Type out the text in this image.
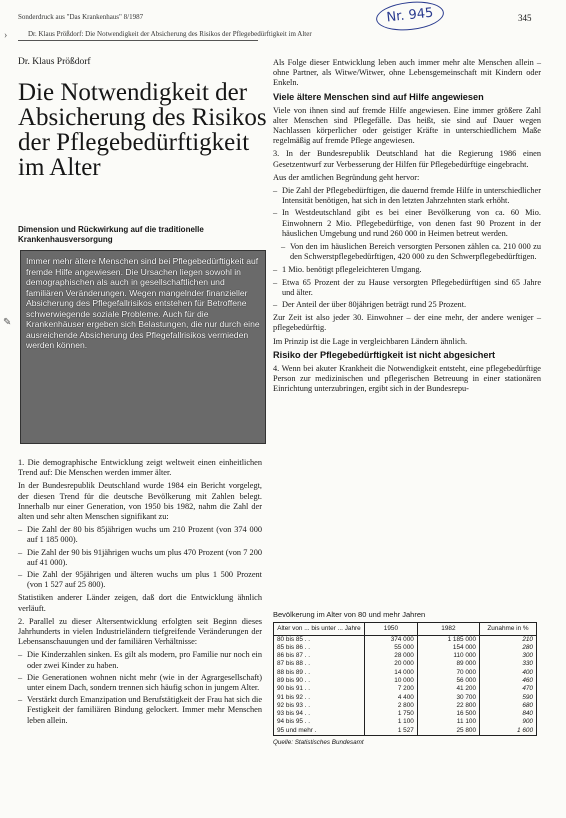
Sonderdruck aus "Das Krankenhaus" 8/1987
Dr. Klaus Prößdorf: Die Notwendigkeit der Absicherung des Risikos der Pflegebedürftigkeit im Alter
345
Nr. 945
›
✎
Dr. Klaus Prößdorf
Die Notwendigkeit der Absicherung des Risikos der Pflegebedürftigkeit im Alter
Dimension und Rückwirkung auf die traditionelle Krankenhausversorgung
Immer mehr ältere Menschen sind bei Pflegebedürftigkeit auf fremde Hilfe angewiesen. Die Ursachen liegen sowohl in demographischen als auch in gesellschaftlichen und familiären Veränderungen. Wegen mangelnder finanzieller Absicherung des Pflegefallrisikos entstehen für Betroffene schwerwiegende soziale Probleme. Auch für die Krankenhäuser ergeben sich Belastungen, die nur durch eine ausreichende Absicherung des Pflegefallrisikos vermieden werden können.

1. Die demographische Entwicklung zeigt weltweit einen einheitlichen Trend auf: Die Menschen werden immer älter.

In der Bundesrepublik Deutschland wurde 1984 ein Bericht vorgelegt, der diesen Trend für die deutsche Bevölkerung mit Zahlen belegt. Innerhalb nur einer Generation, von 1950 bis 1982, nahm die Zahl der alten und sehr alten Menschen signifikant zu:

– Die Zahl der 80 bis 85jährigen wuchs um 210 Prozent (von 374 000 auf 1 185 000).
– Die Zahl der 90 bis 91jährigen wuchs um plus 470 Prozent (von 7 200 auf 41 000).
– Die Zahl der 95jährigen und älteren wuchs um plus 1 500 Prozent (von 1 527 auf 25 800).

Statistiken anderer Länder zeigen, daß dort die Entwicklung ähnlich verläuft.

2. Parallel zu dieser Altersentwicklung erfolgten seit Beginn dieses Jahrhunderts in vielen Industrieländern tiefgreifende Veränderungen der Lebensanschauungen und der familiären Verhältnisse:

– Die Kinderzahlen sinken. Es gilt als modern, pro Familie nur noch ein oder zwei Kinder zu haben.
– Die Generationen wohnen nicht mehr (wie in der Agrargesellschaft) unter einem Dach, sondern trennen sich häufig schon in jungem Alter.
– Verstärkt durch Emanzipation und Berufstätigkeit der Frau hat sich die Festigkeit der familiären Bindung gelockert. Immer mehr Menschen leben allein.

Als Folge dieser Entwicklung leben auch immer mehr alte Menschen allein – ohne Partner, als Witwe/Witwer, ohne Lebensgemeinschaft mit Kindern oder Enkeln.

Viele ältere Menschen sind auf Hilfe angewiesen

Viele von ihnen sind auf fremde Hilfe angewiesen. Eine immer größere Zahl alter Menschen sind Pflegefälle. Das heißt, sie sind auf Dauer wegen Nachlassen körperlicher oder geistiger Kräfte in unterschiedlichem Maße regelmäßig auf fremde Pflege angewiesen.

3. In der Bundesrepublik Deutschland hat die Regierung 1986 einen Gesetzentwurf zur Verbesserung der Hilfen für Pflegebedürftige eingebracht.

Aus der amtlichen Begründung geht hervor:

– Die Zahl der Pflegebedürftigen, die dauernd fremde Hilfe in unterschiedlicher Intensität benötigen, hat sich in den letzten Jahrzehnten stark erhöht.
– In Westdeutschland gibt es bei einer Bevölkerung von ca. 60 Mio. Einwohnern 2 Mio. Pflegebedürftige, von denen fast 90 Prozent in der häuslichen Umgebung und rund 260 000 in Heimen betreut werden.
– Von den im häuslichen Bereich versorgten Personen zählen ca. 210 000 zu den Schwerstpflegebedürftigen, 420 000 zu den Schwerpflegebedürftigen.
– 1 Mio. benötigt pflegeleichteren Umgang.
– Etwa 65 Prozent der zu Hause versorgten Pflegebedürftigen sind 65 Jahre und älter.
– Der Anteil der über 80jährigen beträgt rund 25 Prozent.

Zur Zeit ist also jeder 30. Einwohner – der eine mehr, der andere weniger – pflegebedürftig.

Im Prinzip ist die Lage in vergleichbaren Ländern ähnlich.

Risiko der Pflegebedürftigkeit ist nicht abgesichert

4. Wenn bei akuter Krankheit die Notwendigkeit entsteht, eine pflegebedürftige Person zur medizinischen und pflegerischen Betreuung in einer stationären Einrichtung unterzubringen, ergibt sich in der Bundesrepu-

Bevölkerung im Alter von 80 und mehr Jahren
Alter von ... bis unter ... Jahre	1950	1982	Zunahme in %
80 bis 85 . .	374 000	1 185 000	210
85 bis 86 . .	55 000	154 000	280
86 bis 87 . .	28 000	110 000	300
87 bis 88 . .	20 000	89 000	330
88 bis 89 . .	14 000	70 000	400
89 bis 90 . .	10 000	56 000	460
90 bis 91 . .	7 200	41 200	470
91 bis 92 . .	4 400	30 700	590
92 bis 93 . .	2 800	22 800	680
93 bis 94 . .	1 750	16 500	840
94 bis 95 . .	1 100	11 100	900
95 und mehr .	1 527	25 800	1 600
Quelle: Statistisches Bundesamt
